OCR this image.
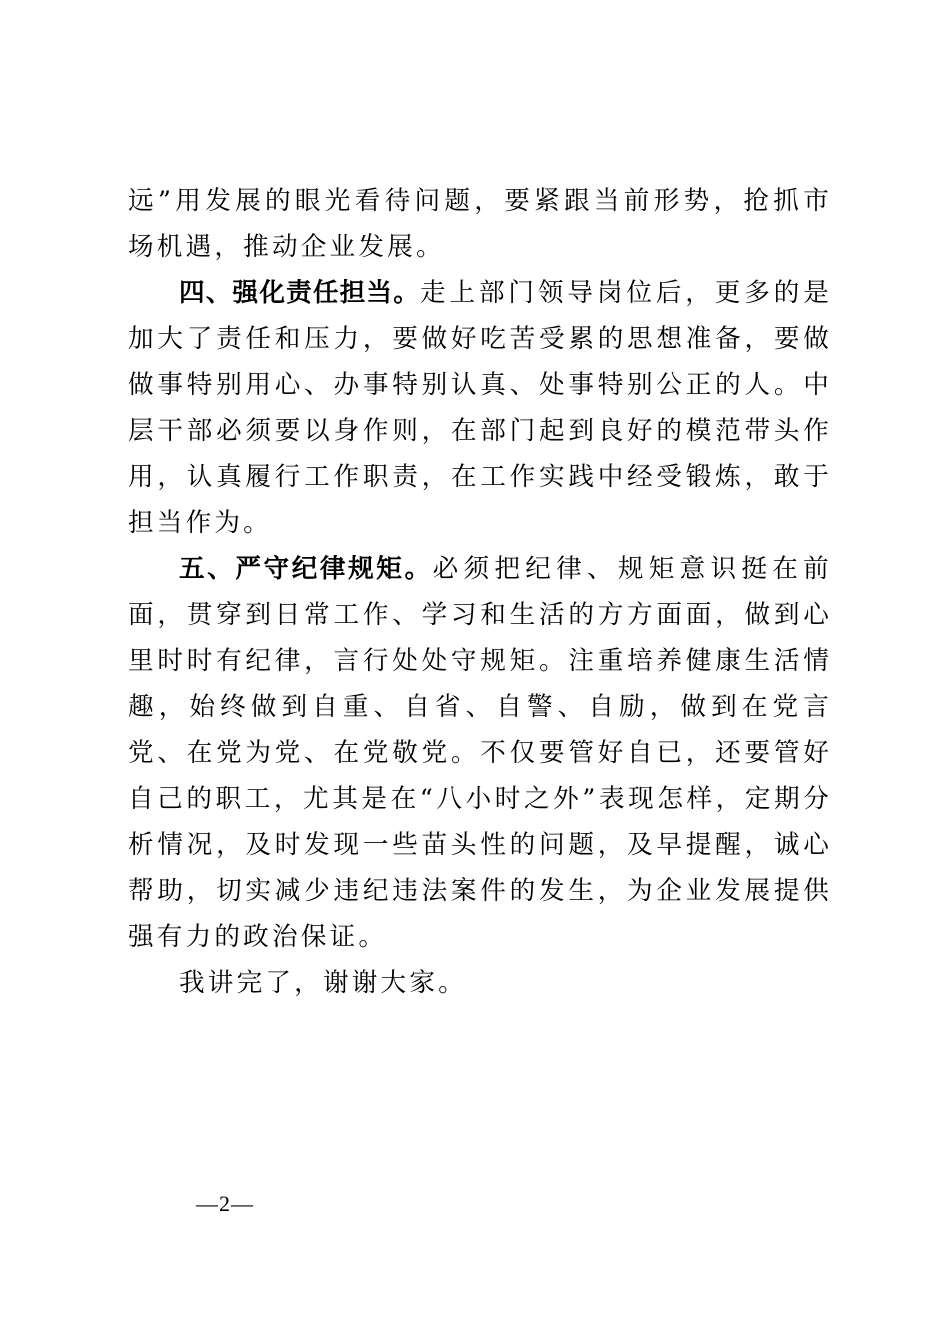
远”用发展的眼光看待问题，要紧跟当前形势，抢抓市场机遇，推动企业发展。

四、强化责任担当。走上部门领导岗位后，更多的是加大了责任和压力，要做好吃苦受累的思想准备，要做做事特别用心、办事特别认真、处事特别公正的人。中层干部必须要以身作则，在部门起到良好的模范带头作用，认真履行工作职责，在工作实践中经受锻炼，敢于担当作为。

五、严守纪律规矩。必须把纪律、规矩意识挺在前面，贯穿到日常工作、学习和生活的方方面面，做到心里时时有纪律，言行处处守规矩。注重培养健康生活情趣，始终做到自重、自省、自警、自励，做到在党言党、在党为党、在党敬党。不仅要管好自已，还要管好自己的职工，尤其是在“八小时之外”表现怎样，定期分析情况，及时发现一些苗头性的问题，及早提醒，诚心帮助，切实减少违纪违法案件的发生，为企业发展提供强有力的政治保证。

我讲完了，谢谢大家。

—2—
